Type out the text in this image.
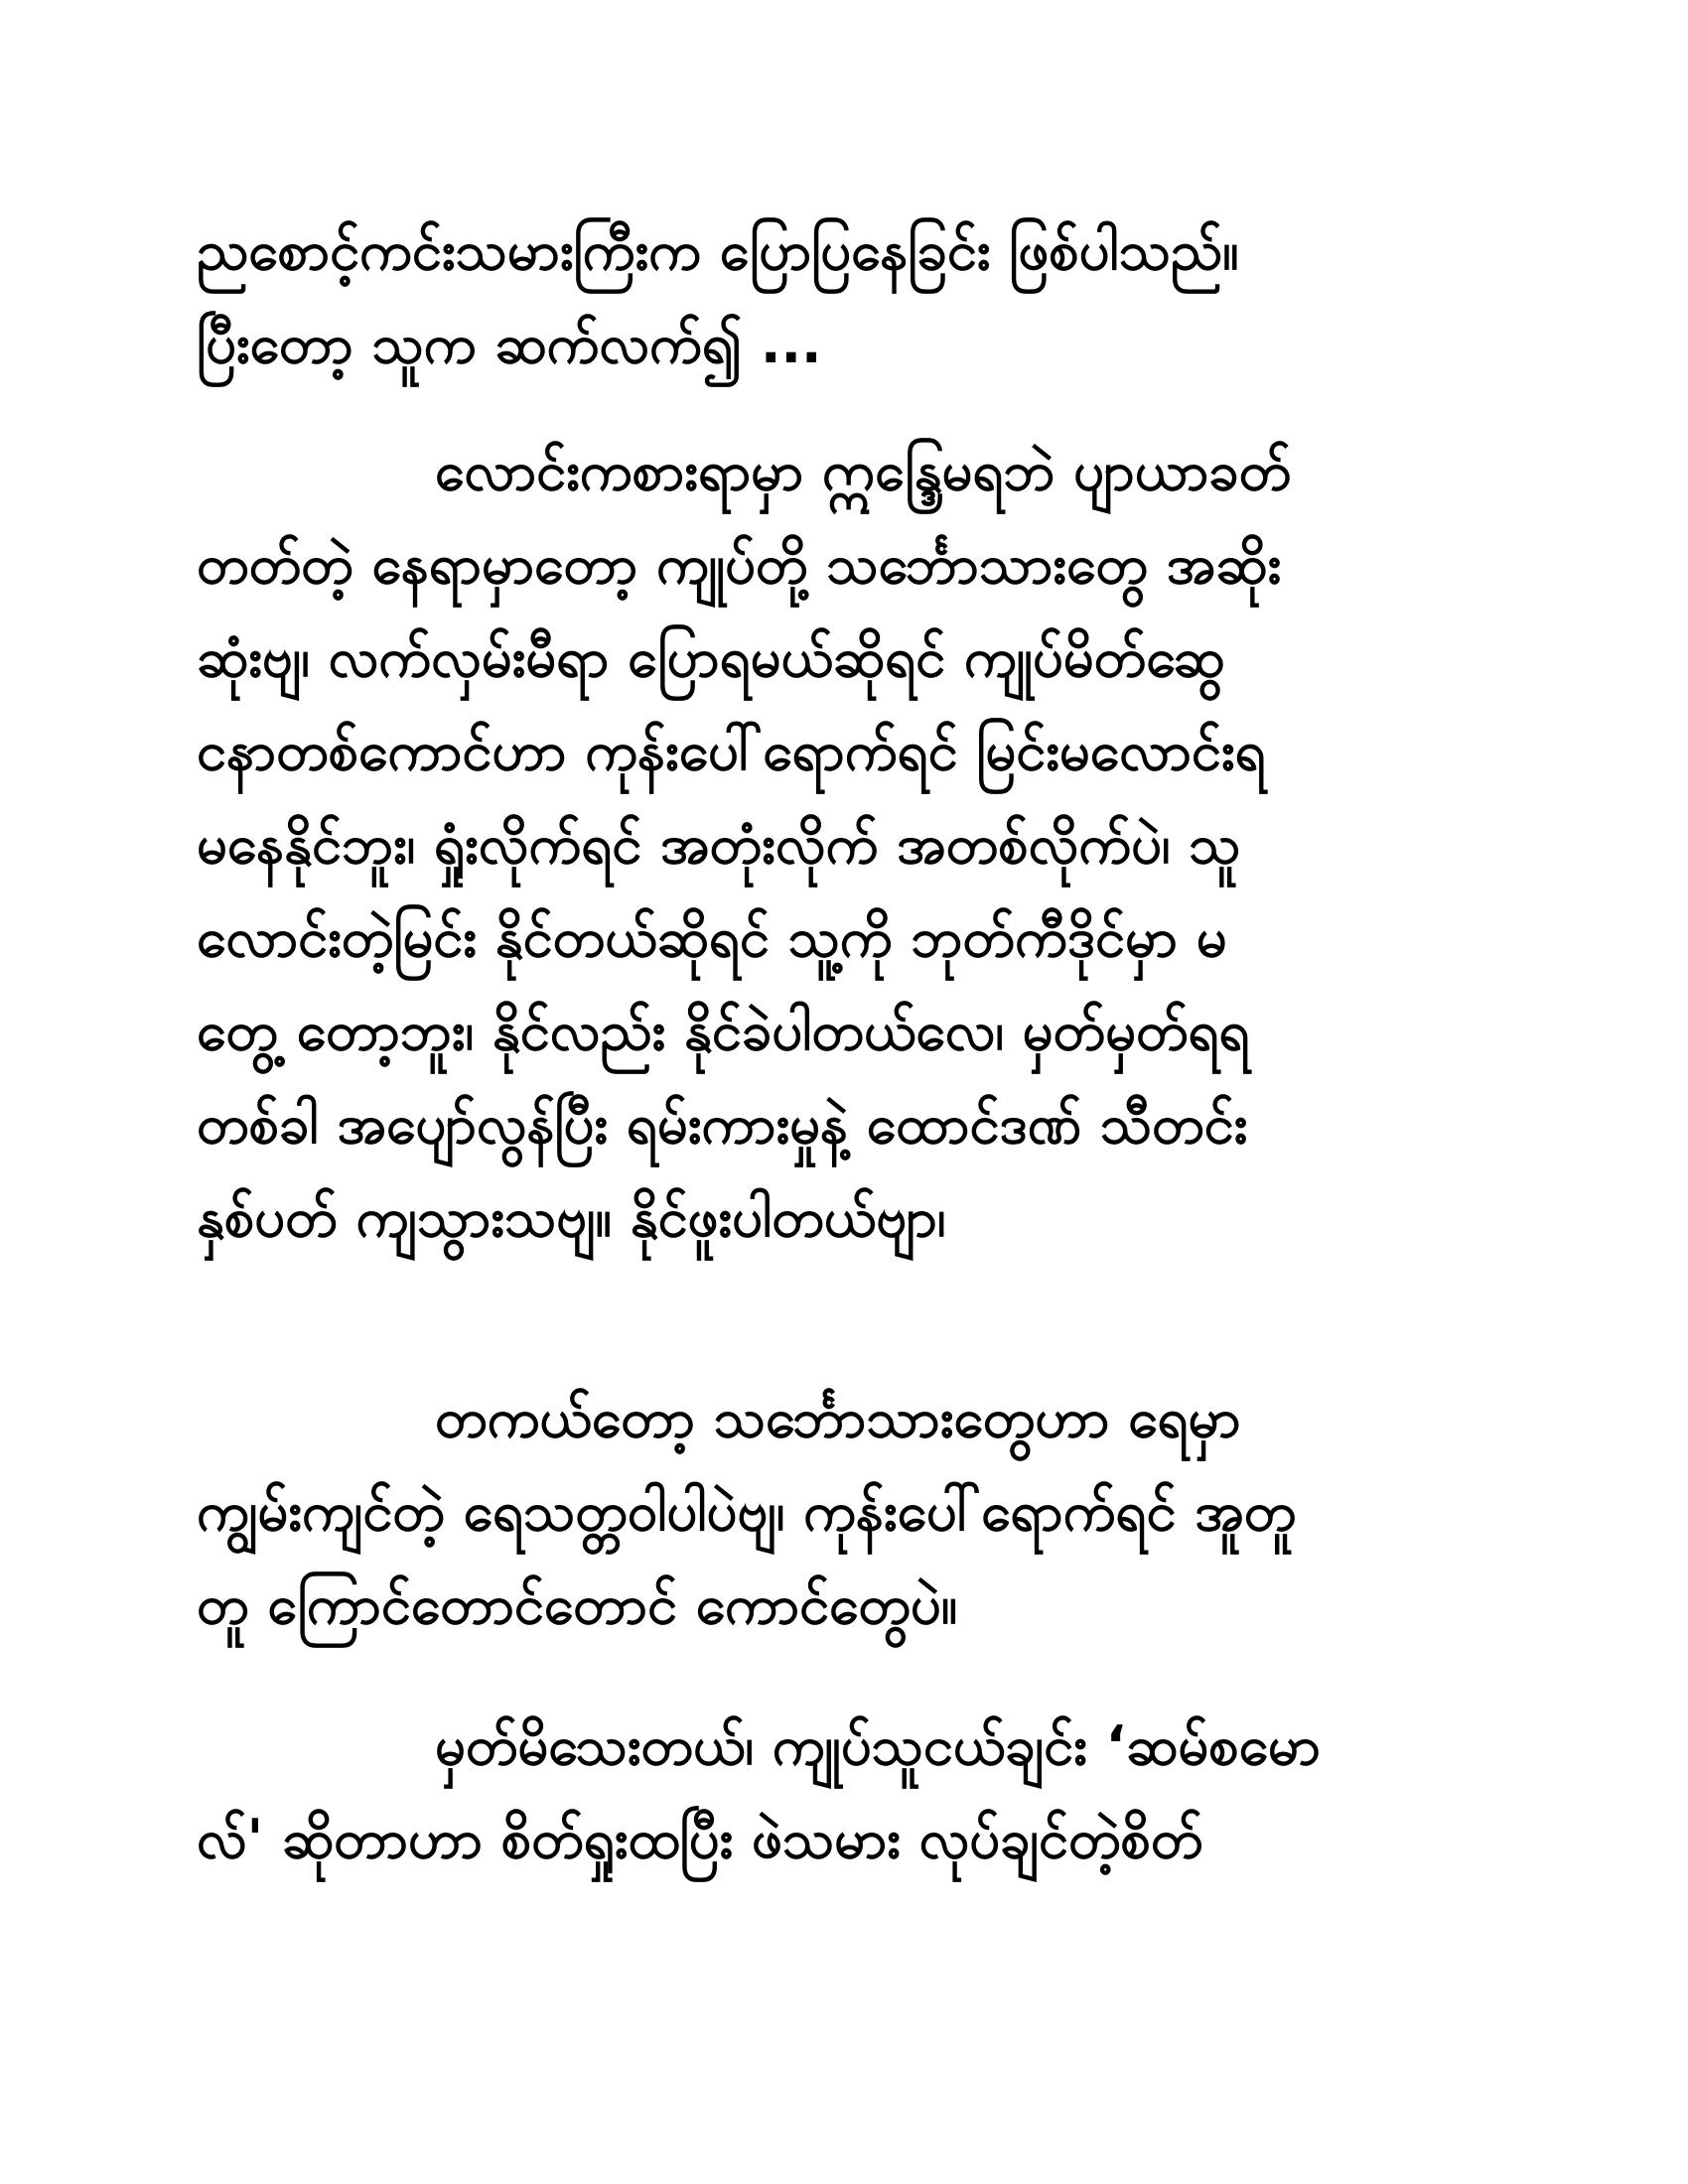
ညစောင့်ကင်းသမားကြီးက ပြောပြနေခြင်း ဖြစ်ပါသည်။
ပြီးတော့ သူက ဆက်လက်၍ ...
လောင်းကစားရာမှာ ဣန္ဒြေမရဘဲ ပျာယာခတ်
တတ်တဲ့ နေရာမှာတော့ ကျုပ်တို့ သင်္ဘောသားတွေ အဆိုး
ဆုံးဗျ၊ လက်လှမ်းမီရာ ပြောရမယ်ဆိုရင် ကျုပ်မိတ်ဆွေ
ငနာတစ်ကောင်ဟာ ကုန်းပေါ်ရောက်ရင် မြင်းမလောင်းရ
မနေနိုင်ဘူး၊ ရှုံးလိုက်ရင် အတုံးလိုက် အတစ်လိုက်ပဲ၊ သူ
လောင်းတဲ့မြင်း နိုင်တယ်ဆိုရင် သူ့ကို ဘုတ်ကီဒိုင်မှာ မ
တွေ့ တော့ဘူး၊ နိုင်လည်း နိုင်ခဲပါတယ်လေ၊ မှတ်မှတ်ရရ
တစ်ခါ အပျော်လွန်ပြီး ရမ်းကားမှုနဲ့ ထောင်ဒဏ် သီတင်း
နှစ်ပတ် ကျသွားသဗျ။ နိုင်ဖူးပါတယ်ဗျာ၊
တကယ်တော့ သင်္ဘောသားတွေဟာ ရေမှာ
ကျွမ်းကျင်တဲ့ ရေသတ္တဝါပါပဲဗျ၊ ကုန်းပေါ်ရောက်ရင် အူတူ
တူ ကြောင်တောင်တောင် ကောင်တွေပဲ။
မှတ်မိသေးတယ်၊ ကျုပ်သူငယ်ချင်း ‘ဆမ်စမော
လ်' ဆိုတာဟာ စိတ်ရှုးထပြီး ဖဲသမား လုပ်ချင်တဲ့စိတ်
